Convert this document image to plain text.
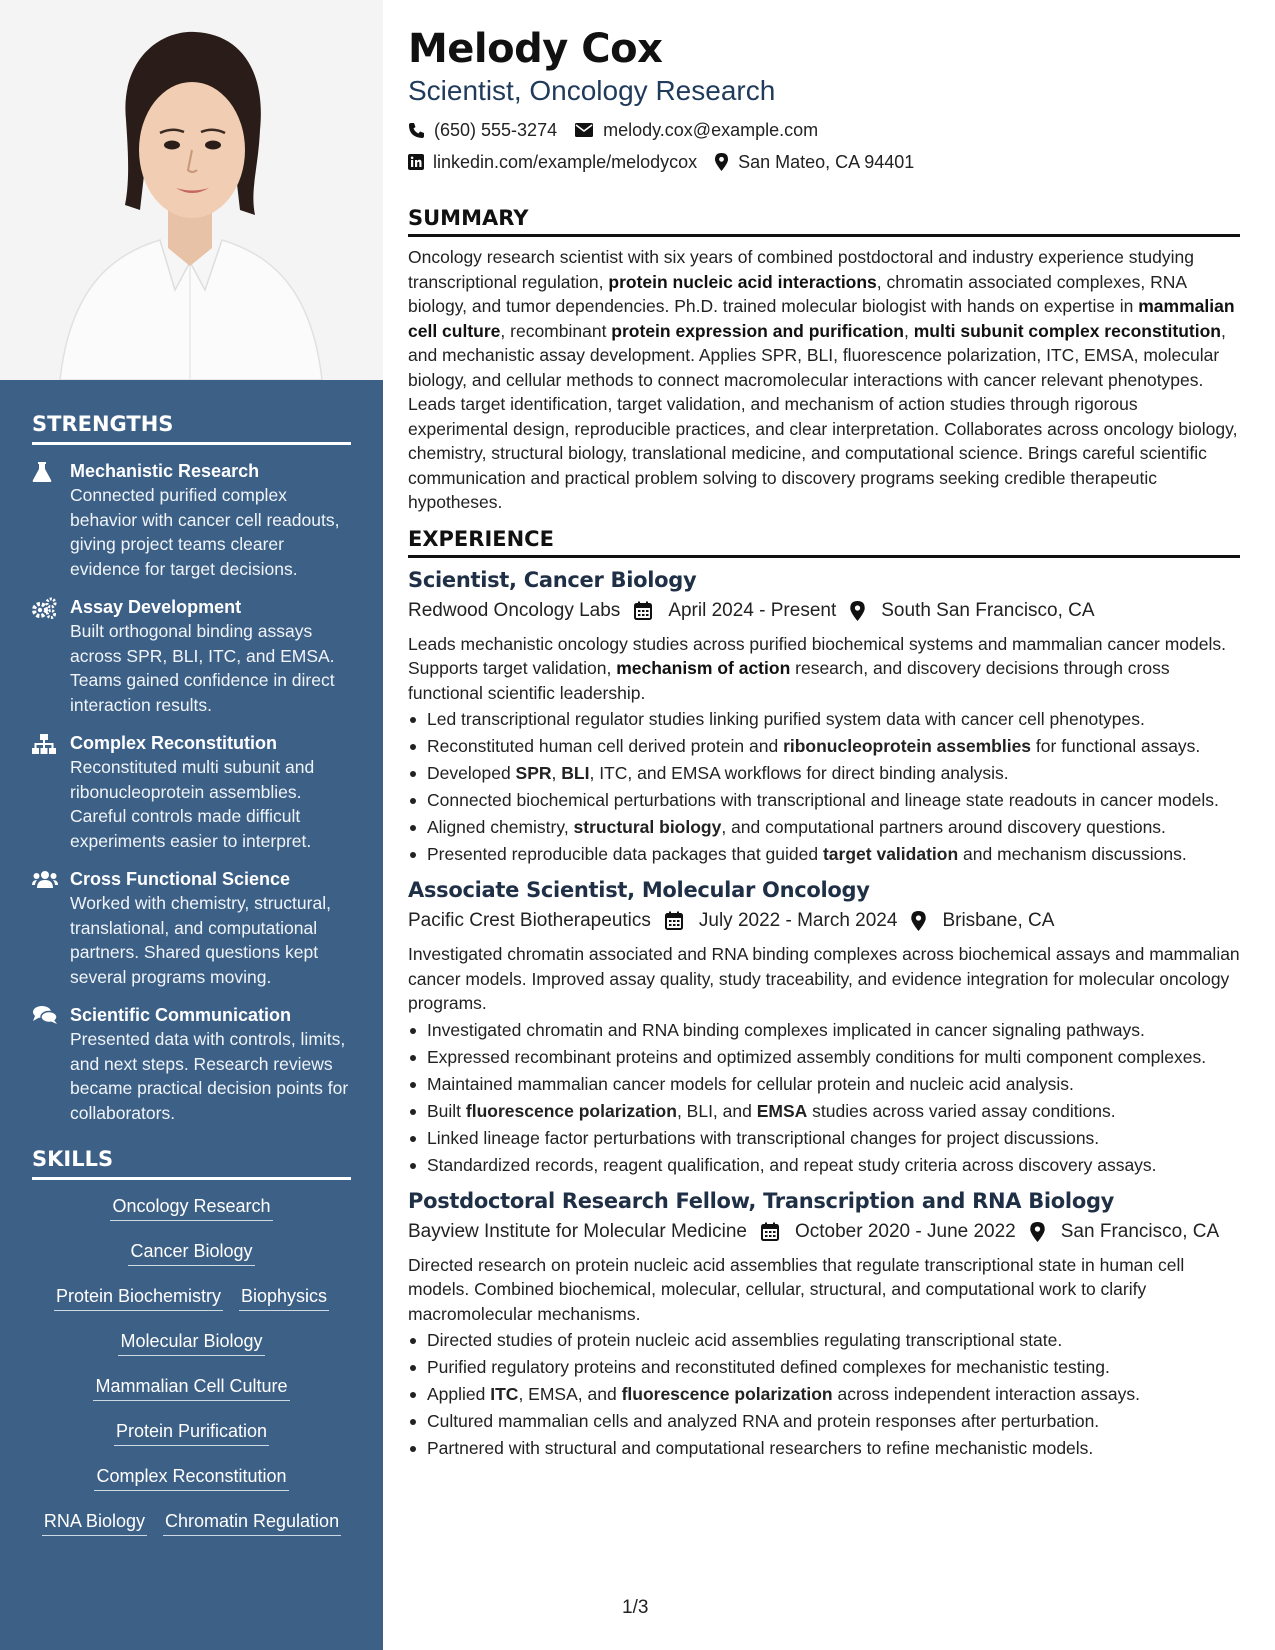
STRENGTHS
Mechanistic Research
Connected purified complex behavior with cancer cell readouts, giving project teams clearer evidence for target decisions.
Assay Development
Built orthogonal binding assays across SPR, BLI, ITC, and EMSA. Teams gained confidence in direct interaction results.
Complex Reconstitution
Reconstituted multi subunit and ribonucleoprotein assemblies. Careful controls made difficult experiments easier to interpret.
Cross Functional Science
Worked with chemistry, structural, translational, and computational partners. Shared questions kept several programs moving.
Scientific Communication
Presented data with controls, limits, and next steps. Research reviews became practical decision points for collaborators.
SKILLS
Oncology Research
Cancer Biology
Protein Biochemistry Biophysics
Molecular Biology
Mammalian Cell Culture
Protein Purification
Complex Reconstitution
RNA Biology Chromatin Regulation
Melody Cox
Scientist, Oncology Research
(650) 555-3274	melody.cox@example.com
linkedin.com/example/melodycox San Mateo, CA 94401
SUMMARY
Oncology research scientist with six years of combined postdoctoral and industry experience studying transcriptional regulation, protein nucleic acid interactions, chromatin associated complexes, RNA biology, and tumor dependencies. Ph.D. trained molecular biologist with hands on expertise in mammalian cell culture, recombinant protein expression and purification, multi subunit complex reconstitution, and mechanistic assay development. Applies SPR, BLI, fluorescence polarization, ITC, EMSA, molecular biology, and cellular methods to connect macromolecular interactions with cancer relevant phenotypes. Leads target identification, target validation, and mechanism of action studies through rigorous experimental design, reproducible practices, and clear interpretation. Collaborates across oncology biology, chemistry, structural biology, translational medicine, and computational science. Brings careful scientific communication and practical problem solving to discovery programs seeking credible therapeutic hypotheses.
EXPERIENCE
Scientist, Cancer Biology
Redwood Oncology Labs	April 2024 - Present South San Francisco, CA
Leads mechanistic oncology studies across purified biochemical systems and mammalian cancer models. Supports target validation, mechanism of action research, and discovery decisions through cross functional scientific leadership.
Led transcriptional regulator studies linking purified system data with cancer cell phenotypes.
Reconstituted human cell derived protein and ribonucleoprotein assemblies for functional assays.
Developed SPR, BLI, ITC, and EMSA workflows for direct binding analysis.
Connected biochemical perturbations with transcriptional and lineage state readouts in cancer models.
Aligned chemistry, structural biology, and computational partners around discovery questions.
Presented reproducible data packages that guided target validation and mechanism discussions.
Associate Scientist, Molecular Oncology
Pacific Crest Biotherapeutics	July 2022 - March 2024 Brisbane, CA
Investigated chromatin associated and RNA binding complexes across biochemical assays and mammalian cancer models. Improved assay quality, study traceability, and evidence integration for molecular oncology programs.
Investigated chromatin and RNA binding complexes implicated in cancer signaling pathways.
Expressed recombinant proteins and optimized assembly conditions for multi component complexes.
Maintained mammalian cancer models for cellular protein and nucleic acid analysis.
Built fluorescence polarization, BLI, and EMSA studies across varied assay conditions.
Linked lineage factor perturbations with transcriptional changes for project discussions.
Standardized records, reagent qualification, and repeat study criteria across discovery assays.
Postdoctoral Research Fellow, Transcription and RNA Biology
Bayview Institute for Molecular Medicine	October 2020 - June 2022 San Francisco, CA
Directed research on protein nucleic acid assemblies that regulate transcriptional state in human cell models. Combined biochemical, molecular, cellular, structural, and computational work to clarify macromolecular mechanisms.
Directed studies of protein nucleic acid assemblies regulating transcriptional state.
Purified regulatory proteins and reconstituted defined complexes for mechanistic testing.
Applied ITC, EMSA, and fluorescence polarization across independent interaction assays.
Cultured mammalian cells and analyzed RNA and protein responses after perturbation.
Partnered with structural and computational researchers to refine mechanistic models.
1/3
